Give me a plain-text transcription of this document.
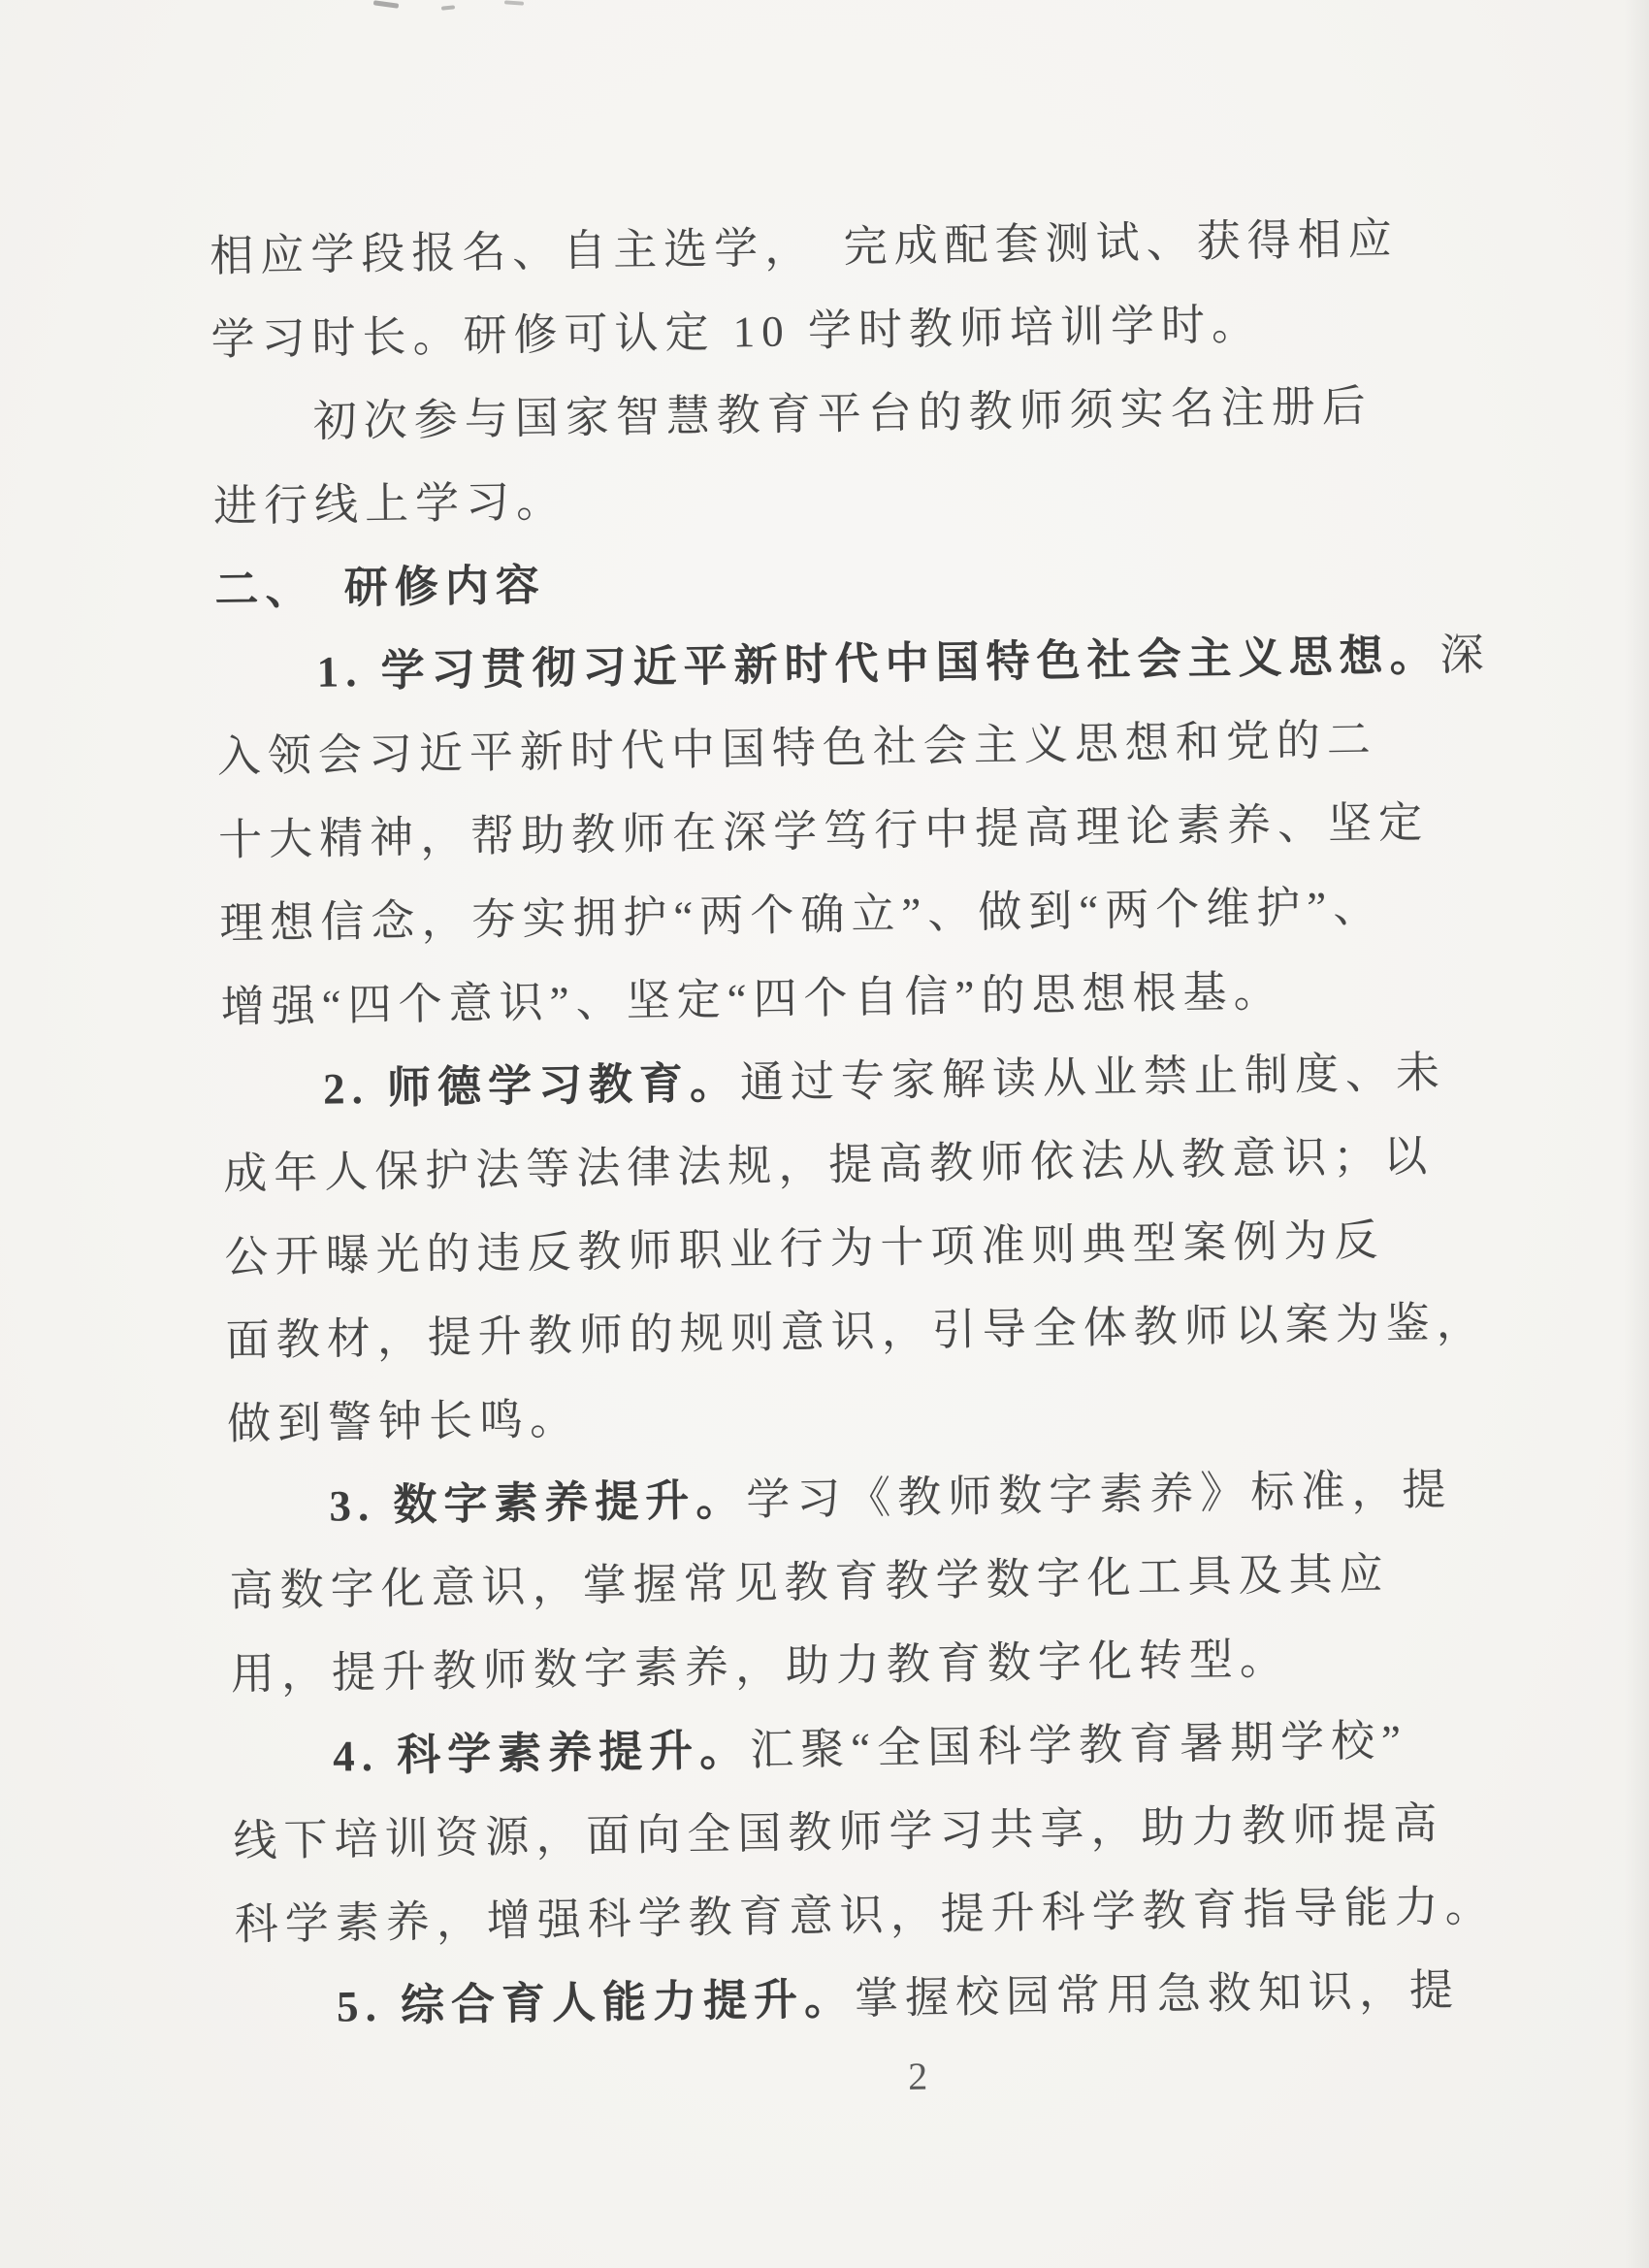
相应学段报名、自主选学，　完成配套测试、获得相应
学习时长。研修可认定 10 学时教师培训学时。
初次参与国家智慧教育平台的教师须实名注册后
进行线上学习。
二、　研修内容
1. 学习贯彻习近平新时代中国特色社会主义思想。深
入领会习近平新时代中国特色社会主义思想和党的二
十大精神，帮助教师在深学笃行中提高理论素养、坚定
理想信念，夯实拥护“两个确立”、做到“两个维护”、
增强“四个意识”、坚定“四个自信”的思想根基。
2. 师德学习教育。通过专家解读从业禁止制度、未
成年人保护法等法律法规，提高教师依法从教意识；以
公开曝光的违反教师职业行为十项准则典型案例为反
面教材，提升教师的规则意识，引导全体教师以案为鉴，
做到警钟长鸣。
3. 数字素养提升。学习《教师数字素养》标准，提
高数字化意识，掌握常见教育教学数字化工具及其应
用，提升教师数字素养，助力教育数字化转型。
4. 科学素养提升。汇聚“全国科学教育暑期学校”
线下培训资源，面向全国教师学习共享，助力教师提高
科学素养，增强科学教育意识，提升科学教育指导能力。
5. 综合育人能力提升。掌握校园常用急救知识，提
2
